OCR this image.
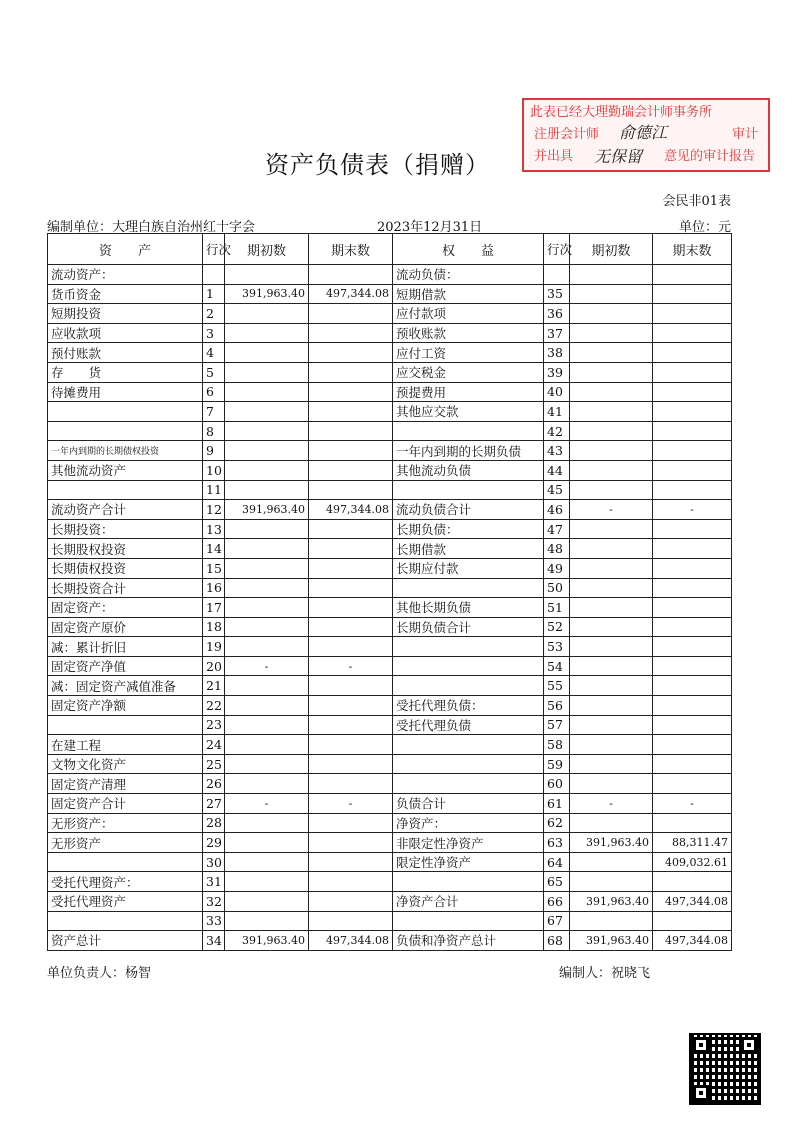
此表已经大理勤瑞会计师事务所
注册会计师
并出具
审计
意见的审计报告
俞德江
无保留
资产负债表（捐赠）
会民非01表
编制单位：大理白族自治州红十字会	2023年12月31日	单位：元
资　　产	行次	期初数	期末数	权　　益	行次	期初数	期末数
流动资产：				流动负债：			
货币资金	1	391,963.40	497,344.08	短期借款	35		
短期投资	2			应付款项	36		
应收款项	3			预收账款	37		
预付账款	4			应付工资	38		
存　　货	5			应交税金	39		
待摊费用	6			预提费用	40		
	7			其他应交款	41		
	8				42		
一年内到期的长期债权投资	9			一年内到期的长期负债	43		
其他流动资产	10			其他流动负债	44		
	11				45		
流动资产合计	12	391,963.40	497,344.08	流动负债合计	46	-	-
长期投资：	13			长期负债：	47		
长期股权投资	14			长期借款	48		
长期债权投资	15			长期应付款	49		
长期投资合计	16				50		
固定资产：	17			其他长期负债	51		
固定资产原价	18			长期负债合计	52		
减：累计折旧	19				53		
固定资产净值	20	-	-		54		
减：固定资产减值准备	21				55		
固定资产净额	22			受托代理负债：	56		
	23			受托代理负债	57		
在建工程	24				58		
文物文化资产	25				59		
固定资产清理	26				60		
固定资产合计	27	-	-	负债合计	61	-	-
无形资产：	28			净资产：	62		
无形资产	29			非限定性净资产	63	391,963.40	88,311.47
	30			限定性净资产	64		409,032.61
受托代理资产：	31				65		
受托代理资产	32			净资产合计	66	391,963.40	497,344.08
	33				67		
资产总计	34	391,963.40	497,344.08	负债和净资产总计	68	391,963.40	497,344.08
单位负责人：杨智	编制人：祝晓飞
